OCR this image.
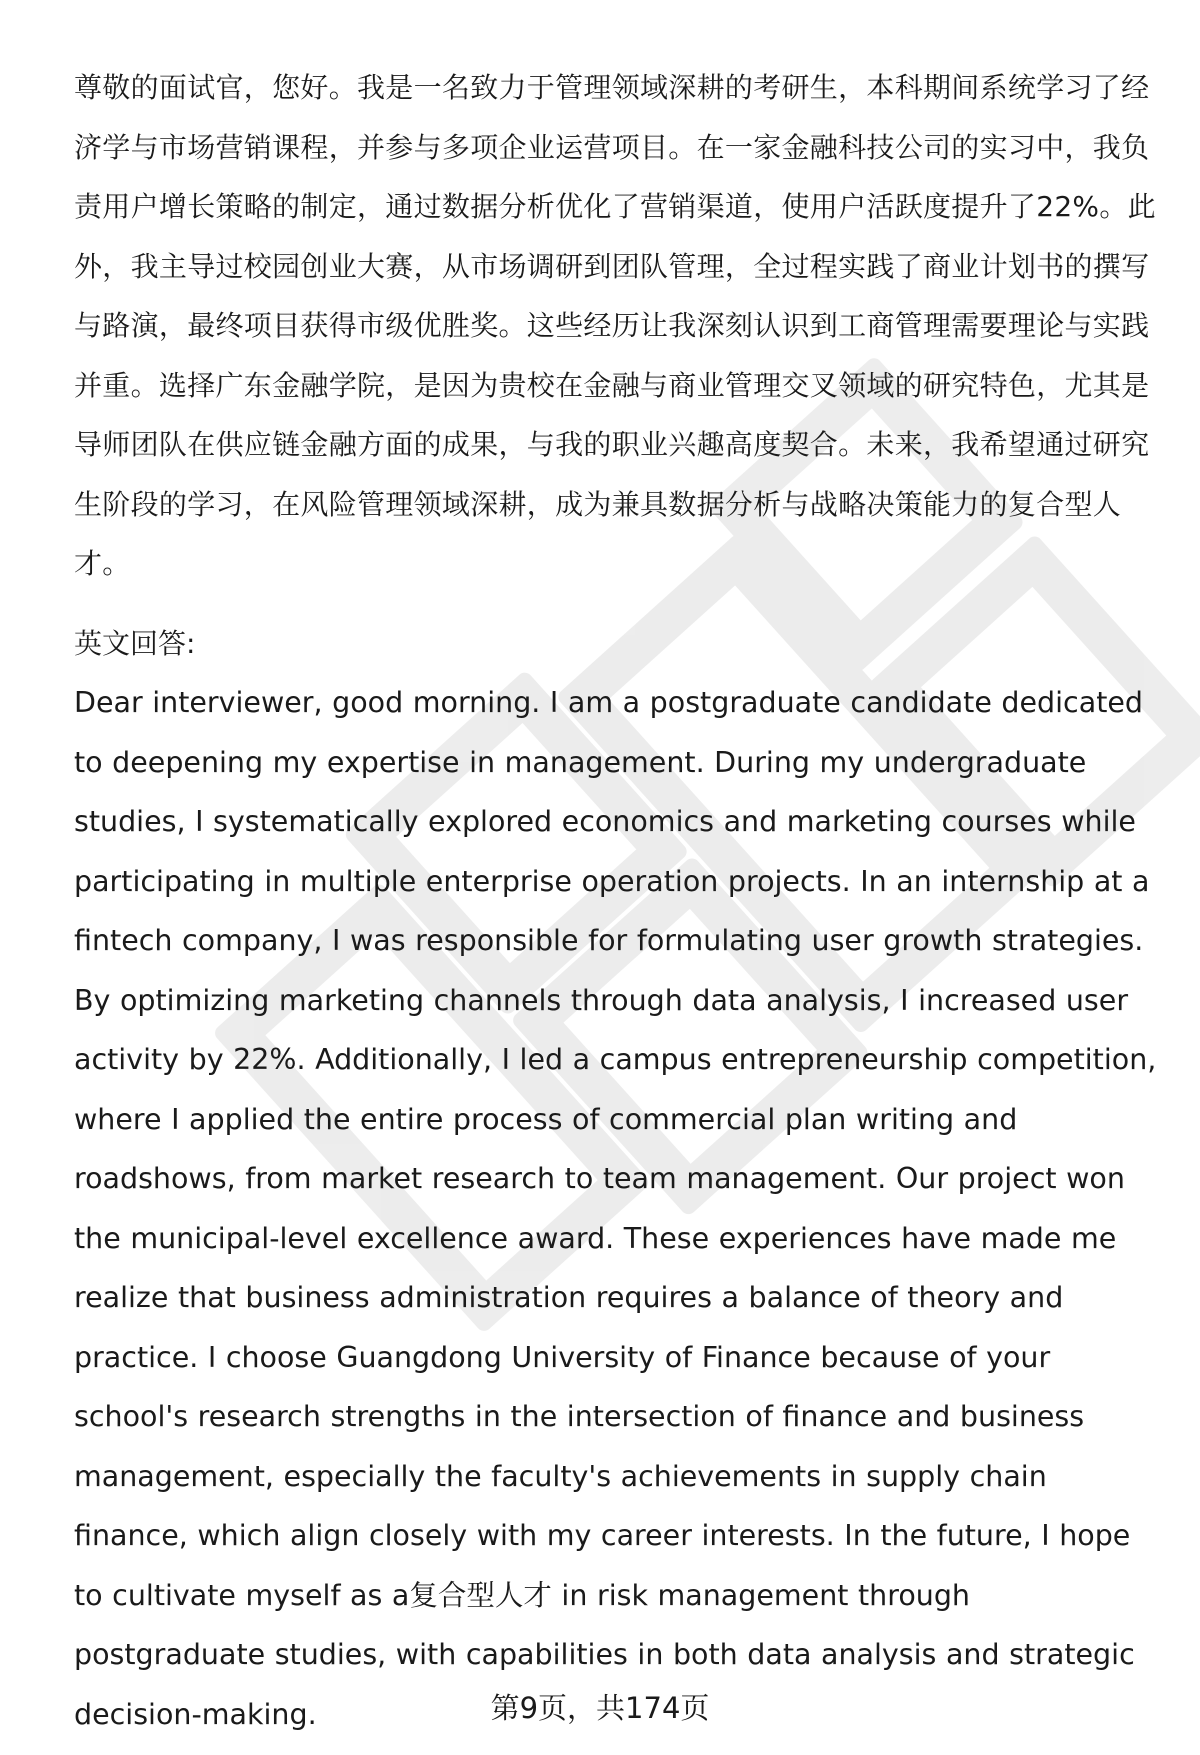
尊敬的面试官，您好。我是一名致力于管理领域深耕的考研生，本科期间系统学习了经济学与市场营销课程，并参与多项企业运营项目。在一家金融科技公司的实习中，我负责用户增长策略的制定，通过数据分析优化了营销渠道，使用户活跃度提升了22%。此外，我主导过校园创业大赛，从市场调研到团队管理，全过程实践了商业计划书的撰写与路演，最终项目获得市级优胜奖。这些经历让我深刻认识到工商管理需要理论与实践并重。选择广东金融学院，是因为贵校在金融与商业管理交叉领域的研究特色，尤其是导师团队在供应链金融方面的成果，与我的职业兴趣高度契合。未来，我希望通过研究生阶段的学习，在风险管理领域深耕，成为兼具数据分析与战略决策能力的复合型人才。

英文回答:

Dear interviewer, good morning. I am a postgraduate candidate dedicated to deepening my expertise in management. During my undergraduate studies, I systematically explored economics and marketing courses while participating in multiple enterprise operation projects. In an internship at a fintech company, I was responsible for formulating user growth strategies. By optimizing marketing channels through data analysis, I increased user activity by 22%. Additionally, I led a campus entrepreneurship competition, where I applied the entire process of commercial plan writing and roadshows, from market research to team management. Our project won the municipal-level excellence award. These experiences have made me realize that business administration requires a balance of theory and practice. I choose Guangdong University of Finance because of your school's research strengths in the intersection of finance and business management, especially the faculty's achievements in supply chain finance, which align closely with my career interests. In the future, I hope to cultivate myself as a复合型人才 in risk management through postgraduate studies, with capabilities in both data analysis and strategic decision-making.	第9页，共174页
